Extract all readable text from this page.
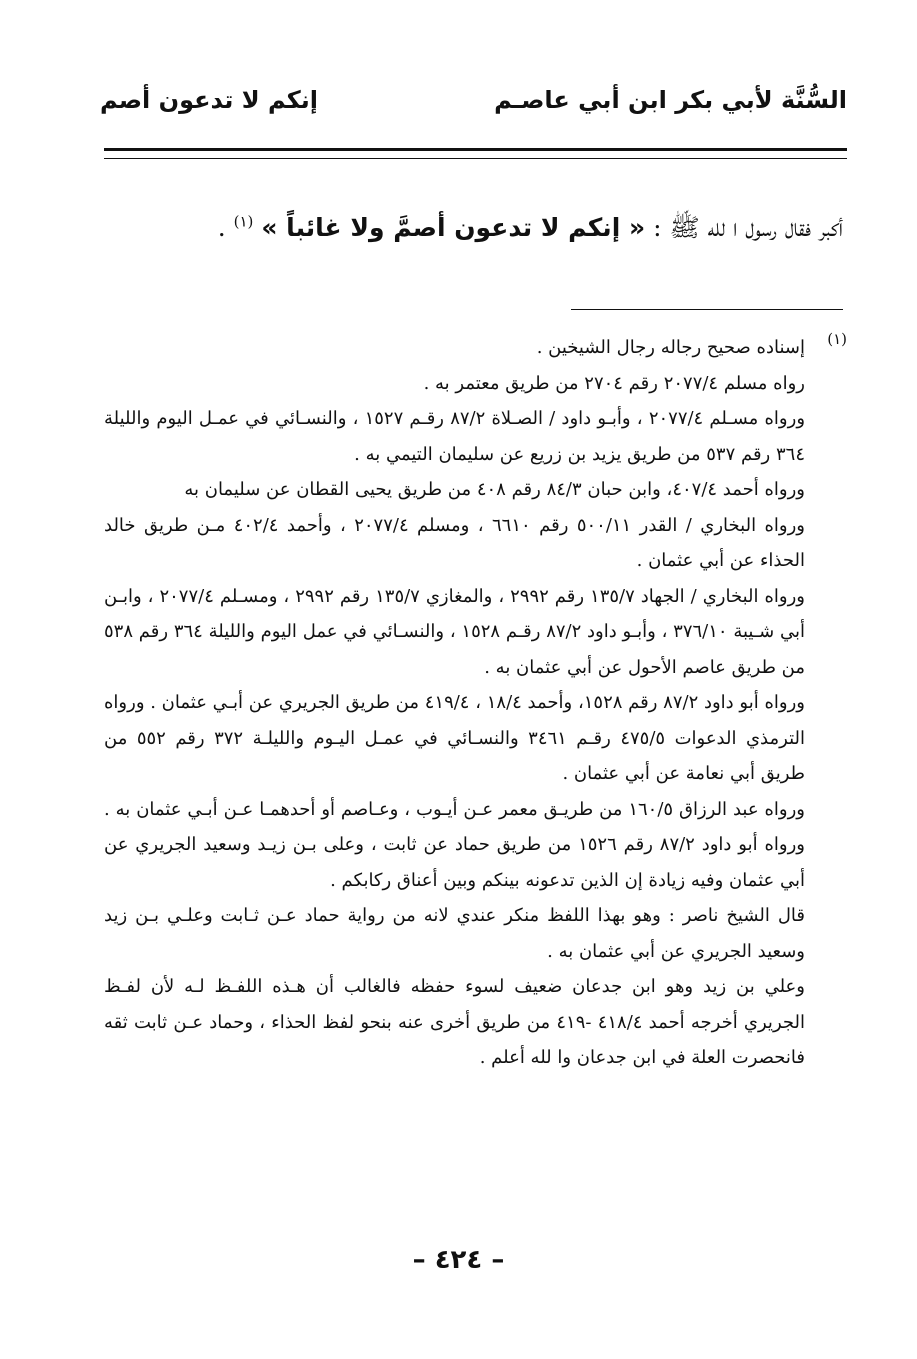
السُّنَّة لأبي بكر ابن أبي عاصـم
إنكم لا تدعون أصم
أكبر فقال رسول ا لله ﷺ : « إنكم لا تدعون أصمَّ ولا غائباً » $^{(١)}$ .
(١)

إسناده صحيح رجاله رجال الشيخين .

رواه مسلم ٢٠٧٧/٤ رقم ٢٧٠٤ من طريق معتمر به .

ورواه مسـلم ٢٠٧٧/٤ ، وأبـو داود / الصـلاة ٨٧/٢ رقـم ١٥٢٧ ، والنسـائي في عمـل اليوم والليلة ٣٦٤ رقم ٥٣٧ من طريق يزيد بن زريع عن سليمان التيمي به .

ورواه أحمد ٤٠٧/٤، وابن حبان ٨٤/٣ رقم ٤٠٨ من طريق يحيى القطان عن سليمان به

ورواه البخاري / القدر ٥٠٠/١١ رقم ٦٦١٠ ، ومسلم ٢٠٧٧/٤ ، وأحمد ٤٠٢/٤ مـن طريق خالد الحذاء عن أبي عثمان .

ورواه البخاري / الجهاد ١٣٥/٧ رقم ٢٩٩٢ ، والمغازي ١٣٥/٧ رقم ٢٩٩٢ ، ومسـلم ٢٠٧٧/٤ ، وابـن أبي شـيبة ٣٧٦/١٠ ، وأبـو داود ٨٧/٢ رقـم ١٥٢٨ ، والنسـائي في عمل اليوم والليلة ٣٦٤ رقم ٥٣٨ من طريق عاصم الأحول عن أبي عثمان به .

ورواه أبو داود ٨٧/٢ رقم ١٥٢٨، وأحمد ١٨/٤ ، ٤١٩/٤ من طريق الجريري عن أبـي عثمان . ورواه الترمذي الدعوات ٤٧٥/٥ رقـم ٣٤٦١ والنسـائي في عمـل اليـوم والليلـة ٣٧٢ رقم ٥٥٢ من طريق أبي نعامة عن أبي عثمان .

ورواه عبد الرزاق ١٦٠/٥ من طريـق معمر عـن أيـوب ، وعـاصم أو أحدهمـا عـن أبـي عثمان به . ورواه أبو داود ٨٧/٢ رقم ١٥٢٦ من طريق حماد عن ثابت ، وعلى بـن زيـد وسعيد الجريري عن أبي عثمان وفيه زيادة إن الذين تدعونه بينكم وبين أعناق ركابكم .

قال الشيخ ناصر : وهو بهذا اللفظ منكر عندي لانه من رواية حماد عـن ثـابت وعلـي بـن زيد وسعيد الجريري عن أبي عثمان به .

وعلي بن زيد وهو ابن جدعان ضعيف لسوء حفظه فالغالب أن هـذه اللفـظ لـه لأن لفـظ الجريري أخرجه أحمد ٤١٨/٤ -٤١٩ من طريق أخرى عنه بنحو لفظ الحذاء ، وحماد عـن ثابت ثقه فانحصرت العلة في ابن جدعان وا لله أعلم .

– ٤٢٤ –
